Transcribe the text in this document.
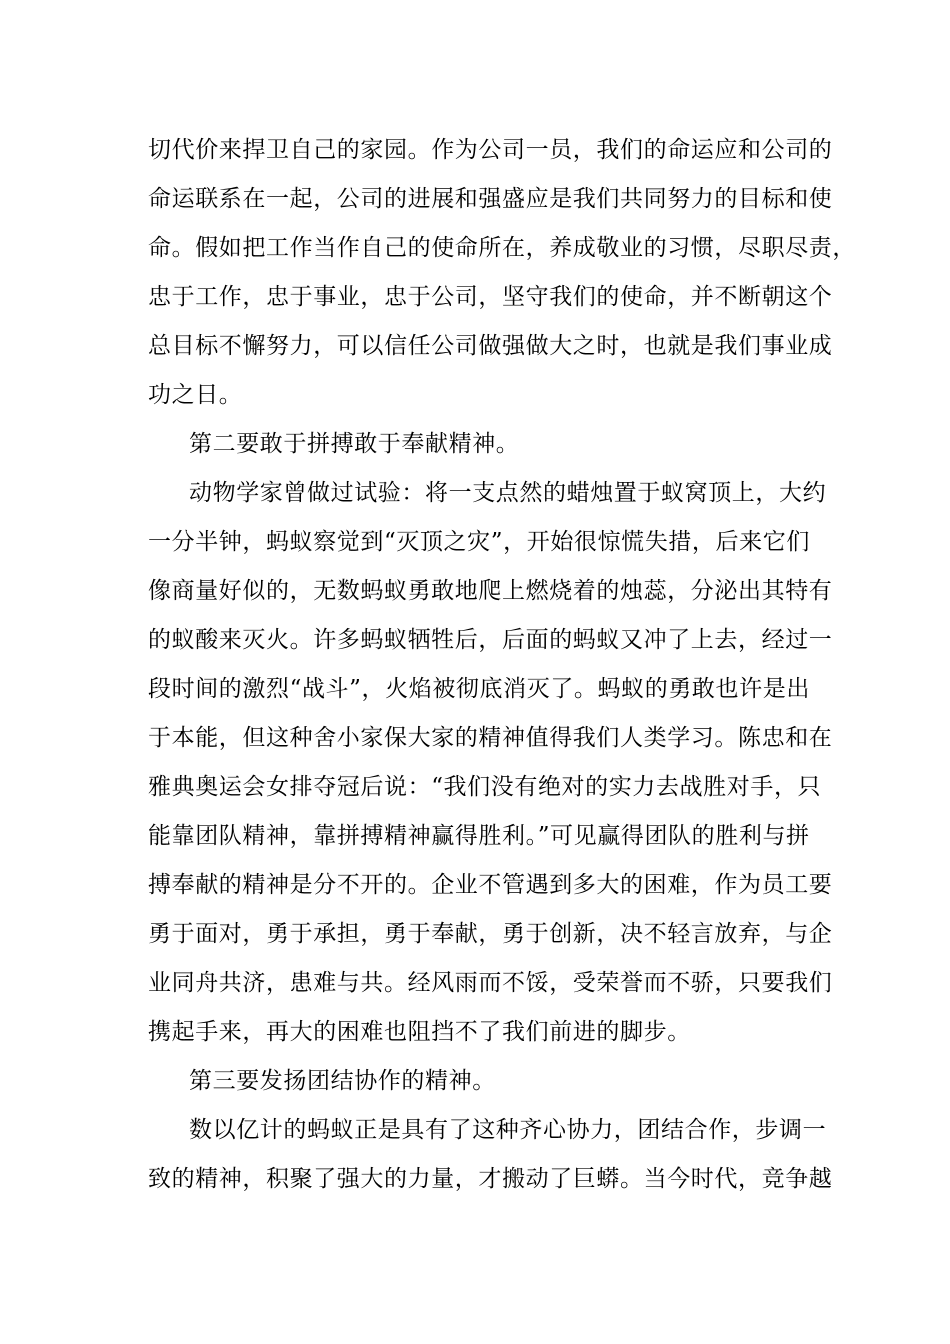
切代价来捍卫自己的家园。作为公司一员，我们的命运应和公司的

命运联系在一起，公司的进展和强盛应是我们共同努力的目标和使

命。假如把工作当作自己的使命所在，养成敬业的习惯，尽职尽责，

忠于工作，忠于事业，忠于公司，坚守我们的使命，并不断朝这个

总目标不懈努力，可以信任公司做强做大之时，也就是我们事业成

功之日。

第二要敢于拼搏敢于奉献精神。

动物学家曾做过试验：将一支点然的蜡烛置于蚁窝顶上，大约

一分半钟，蚂蚁察觉到“灭顶之灾”，开始很惊慌失措，后来它们

像商量好似的，无数蚂蚁勇敢地爬上燃烧着的烛蕊，分泌出其特有

的蚁酸来灭火。许多蚂蚁牺牲后，后面的蚂蚁又冲了上去，经过一

段时间的激烈“战斗”，火焰被彻底消灭了。蚂蚁的勇敢也许是出

于本能，但这种舍小家保大家的精神值得我们人类学习。陈忠和在

雅典奥运会女排夺冠后说：“我们没有绝对的实力去战胜对手，只

能靠团队精神，靠拼搏精神赢得胜利。”可见赢得团队的胜利与拼

搏奉献的精神是分不开的。企业不管遇到多大的困难，作为员工要

勇于面对，勇于承担，勇于奉献，勇于创新，决不轻言放弃，与企

业同舟共济，患难与共。经风雨而不馁，受荣誉而不骄，只要我们

携起手来，再大的困难也阻挡不了我们前进的脚步。

第三要发扬团结协作的精神。

数以亿计的蚂蚁正是具有了这种齐心协力，团结合作，步调一

致的精神，积聚了强大的力量，才搬动了巨蟒。当今时代，竞争越
